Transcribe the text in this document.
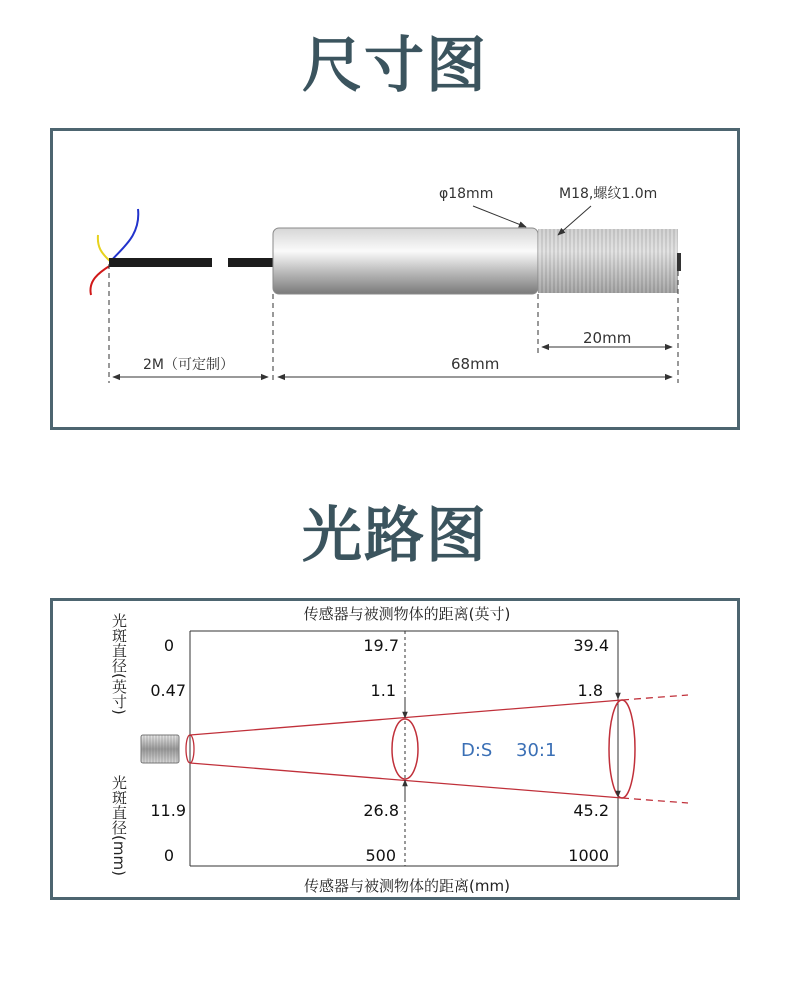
尺寸图
φ18mm	M18,螺纹1.0m
20mm
2M（可定制）	68mm
光路图
传感器与被测物体的距离(英寸)
传感器与被测物体的距离(mm)
光斑直径(英寸)
光斑直径(mm)
0	19.7	39.4
0.47	1.1	1.8
11.9	26.8	45.2
0	500	1000
D:S 30:1
